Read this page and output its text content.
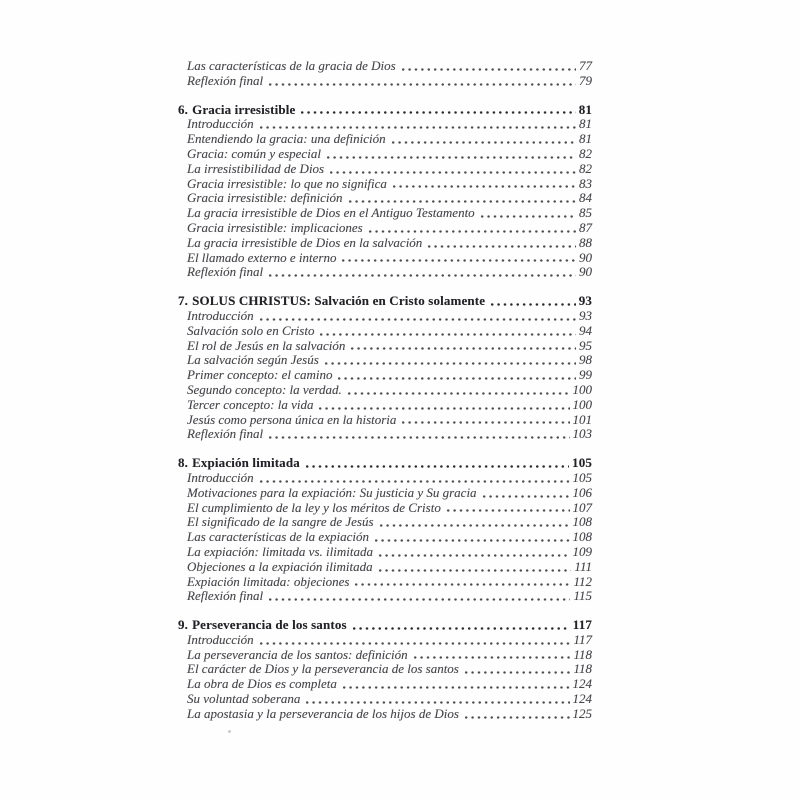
Las características de la gracia de Dios	77
Reflexión final	79
6. Gracia irresistible	81
Introducción	81
Entendiendo la gracia: una definición	81
Gracia: común y especial	82
La irresistibilidad de Dios	82
Gracia irresistible: lo que no significa	83
Gracia irresistible: definición	84
La gracia irresistible de Dios en el Antiguo Testamento	85
Gracia irresistible: implicaciones	87
La gracia irresistible de Dios en la salvación	88
El llamado externo e interno	90
Reflexión final	90
7. SOLUS CHRISTUS: Salvación en Cristo solamente	93
Introducción	93
Salvación solo en Cristo	94
El rol de Jesús en la salvación	95
La salvación según Jesús	98
Primer concepto: el camino	99
Segundo concepto: la verdad.	100
Tercer concepto: la vida	100
Jesús como persona única en la historia	101
Reflexión final	103
8. Expiación limitada	105
Introducción	105
Motivaciones para la expiación: Su justicia y Su gracia	106
El cumplimiento de la ley y los méritos de Cristo	107
El significado de la sangre de Jesús	108
Las características de la expiación	108
La expiación: limitada vs. ilimitada	109
Objeciones a la expiación ilimitada	111
Expiación limitada: objeciones	112
Reflexión final	115
9. Perseverancia de los santos	117
Introducción	117
La perseverancia de los santos: definición	118
El carácter de Dios y la perseverancia de los santos	118
La obra de Dios es completa	124
Su voluntad soberana	124
La apostasia y la perseverancia de los hijos de Dios	125
